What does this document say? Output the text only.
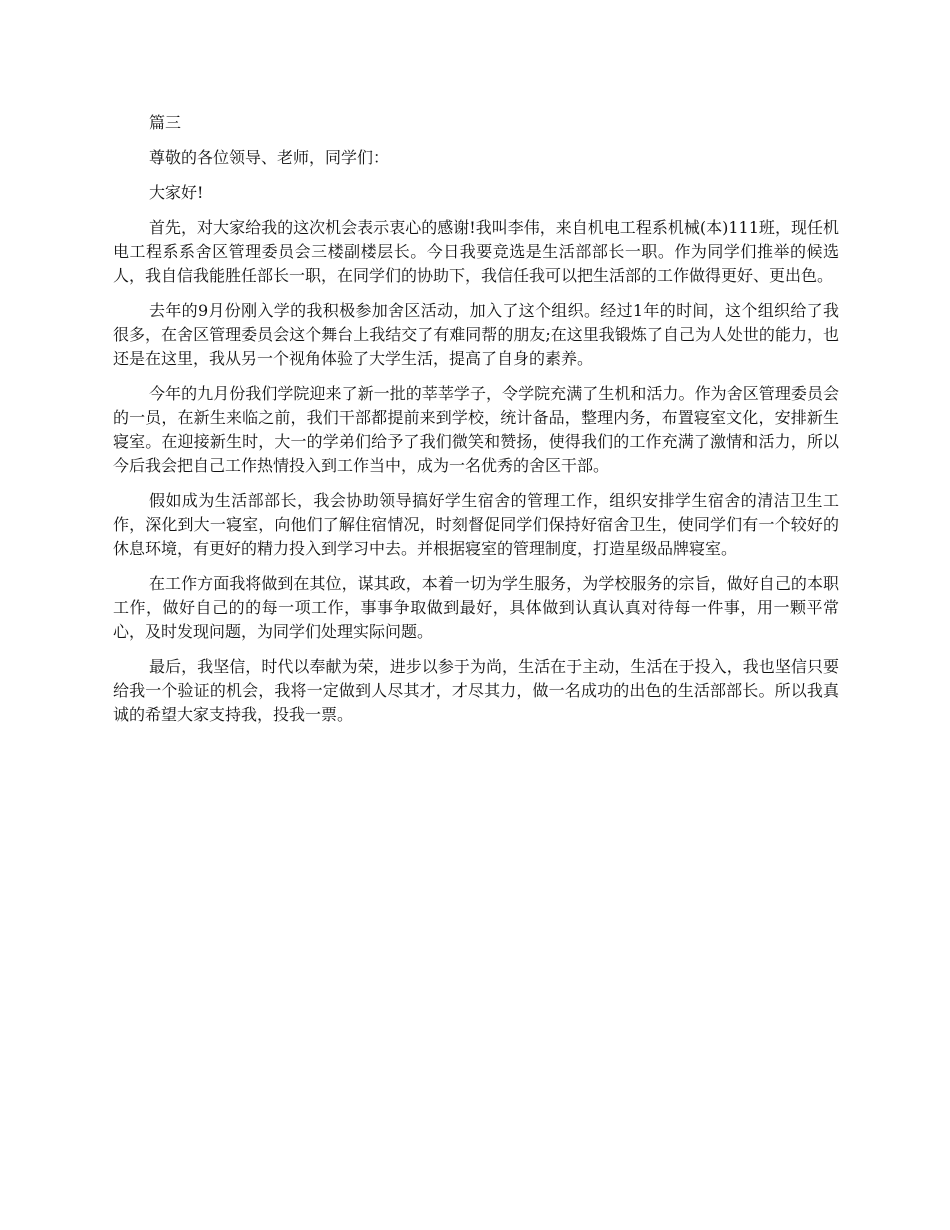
篇三

尊敬的各位领导、老师，同学们：

大家好!

首先，对大家给我的这次机会表示衷心的感谢!我叫李伟，来自机电工程系机械(本)111班，现任机电工程系系舍区管理委员会三楼副楼层长。今日我要竞选是生活部部长一职。作为同学们推举的候选人，我自信我能胜任部长一职，在同学们的协助下，我信任我可以把生活部的工作做得更好、更出色。

去年的9月份刚入学的我积极参加舍区活动，加入了这个组织。经过1年的时间，这个组织给了我很多，在舍区管理委员会这个舞台上我结交了有难同帮的朋友;在这里我锻炼了自己为人处世的能力，也还是在这里，我从另一个视角体验了大学生活，提高了自身的素养。

今年的九月份我们学院迎来了新一批的莘莘学子，令学院充满了生机和活力。作为舍区管理委员会的一员，在新生来临之前，我们干部都提前来到学校，统计备品，整理内务，布置寝室文化，安排新生寝室。在迎接新生时，大一的学弟们给予了我们微笑和赞扬，使得我们的工作充满了激情和活力，所以今后我会把自己工作热情投入到工作当中，成为一名优秀的舍区干部。

假如成为生活部部长，我会协助领导搞好学生宿舍的管理工作，组织安排学生宿舍的清洁卫生工作，深化到大一寝室，向他们了解住宿情况，时刻督促同学们保持好宿舍卫生，使同学们有一个较好的休息环境，有更好的精力投入到学习中去。并根据寝室的管理制度，打造星级品牌寝室。

在工作方面我将做到在其位，谋其政，本着一切为学生服务，为学校服务的宗旨，做好自己的本职工作，做好自己的的每一项工作，事事争取做到最好，具体做到认真认真对待每一件事，用一颗平常心，及时发现问题，为同学们处理实际问题。

最后，我坚信，时代以奉献为荣，进步以参于为尚，生活在于主动，生活在于投入，我也坚信只要给我一个验证的机会，我将一定做到人尽其才，才尽其力，做一名成功的出色的生活部部长。所以我真诚的希望大家支持我，投我一票。
